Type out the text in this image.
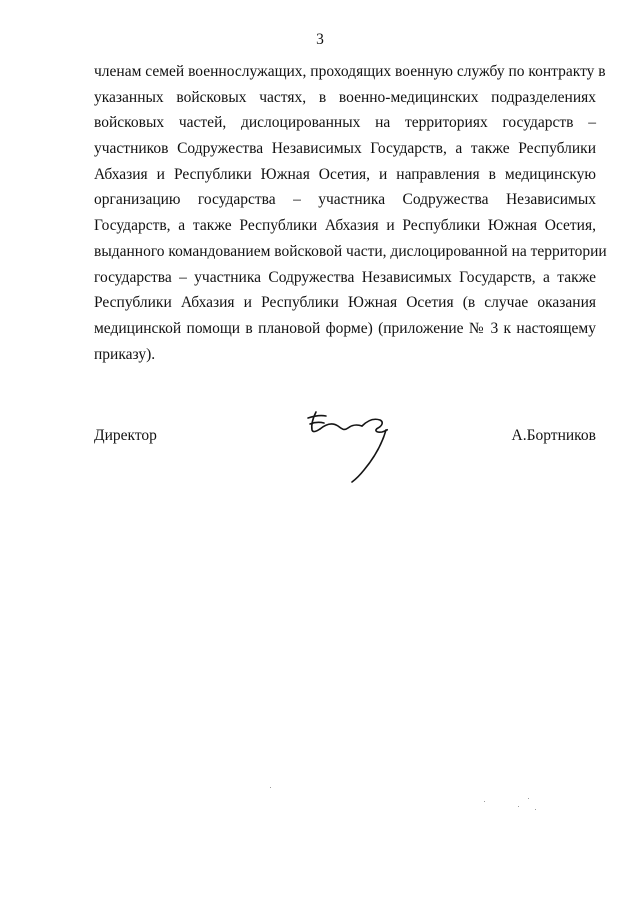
3
членам семей военнослужащих, проходящих военную службу по контракту в
указанных войсковых частях, в военно-медицинских подразделениях
войсковых частей, дислоцированных на территориях государств –
участников Содружества Независимых Государств, а также Республики
Абхазия и Республики Южная Осетия, и направления в медицинскую
организацию государства – участника Содружества Независимых
Государств, а также Республики Абхазия и Республики Южная Осетия,
выданного командованием войсковой части, дислоцированной на территории
государства – участника Содружества Независимых Государств, а также
Республики Абхазия и Республики Южная Осетия (в случае оказания
медицинской помощи в плановой форме) (приложение № 3 к настоящему
приказу).
Директор	А.Бортников
